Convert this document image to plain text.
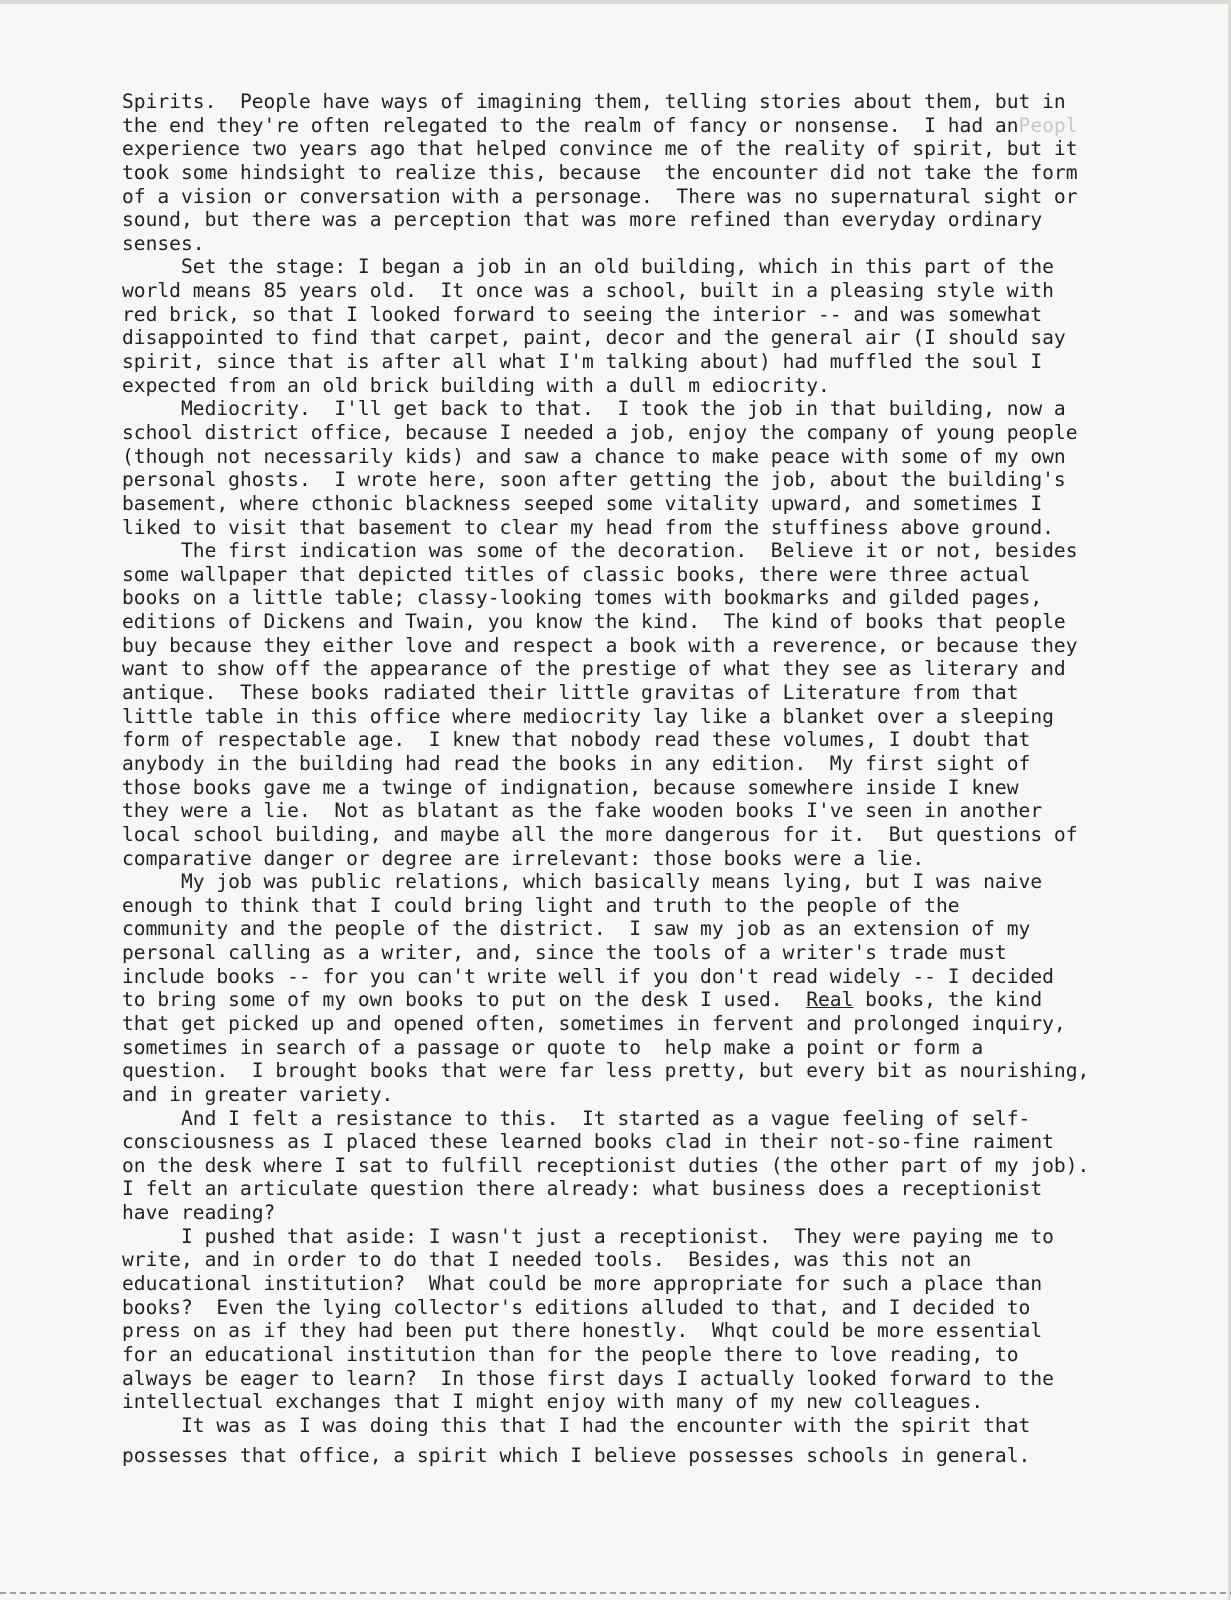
Spirits.  People have ways of imagining them, telling stories about them, but in
the end they're often relegated to the realm of fancy or nonsense.  I had anPeopl
experience two years ago that helped convince me of the reality of spirit, but it
took some hindsight to realize this, because  the encounter did not take the form
of a vision or conversation with a personage.  There was no supernatural sight or
sound, but there was a perception that was more refined than everyday ordinary
senses.
Set the stage: I began a job in an old building, which in this part of the
world means 85 years old.  It once was a school, built in a pleasing style with
red brick, so that I looked forward to seeing the interior -- and was somewhat
disappointed to find that carpet, paint, decor and the general air (I should say
spirit, since that is after all what I'm talking about) had muffled the soul I
expected from an old brick building with a dull m ediocrity.
Mediocrity.  I'll get back to that.  I took the job in that building, now a
school district office, because I needed a job, enjoy the company of young people
(though not necessarily kids) and saw a chance to make peace with some of my own
personal ghosts.  I wrote here, soon after getting the job, about the building's
basement, where cthonic blackness seeped some vitality upward, and sometimes I
liked to visit that basement to clear my head from the stuffiness above ground.
The first indication was some of the decoration.  Believe it or not, besides
some wallpaper that depicted titles of classic books, there were three actual
books on a little table; classy-looking tomes with bookmarks and gilded pages,
editions of Dickens and Twain, you know the kind.  The kind of books that people
buy because they either love and respect a book with a reverence, or because they
want to show off the appearance of the prestige of what they see as literary and
antique.  These books radiated their little gravitas of Literature from that
little table in this office where mediocrity lay like a blanket over a sleeping
form of respectable age.  I knew that nobody read these volumes, I doubt that
anybody in the building had read the books in any edition.  My first sight of
those books gave me a twinge of indignation, because somewhere inside I knew
they were a lie.  Not as blatant as the fake wooden books I've seen in another
local school building, and maybe all the more dangerous for it.  But questions of
comparative danger or degree are irrelevant: those books were a lie.
My job was public relations, which basically means lying, but I was naive
enough to think that I could bring light and truth to the people of the
community and the people of the district.  I saw my job as an extension of my
personal calling as a writer, and, since the tools of a writer's trade must
include books -- for you can't write well if you don't read widely -- I decided
to bring some of my own books to put on the desk I used.  Real books, the kind
that get picked up and opened often, sometimes in fervent and prolonged inquiry,
sometimes in search of a passage or quote to  help make a point or form a
question.  I brought books that were far less pretty, but every bit as nourishing,
and in greater variety.
And I felt a resistance to this.  It started as a vague feeling of self-
consciousness as I placed these learned books clad in their not-so-fine raiment
on the desk where I sat to fulfill receptionist duties (the other part of my job).
I felt an articulate question there already: what business does a receptionist
have reading?
I pushed that aside: I wasn't just a receptionist.  They were paying me to
write, and in order to do that I needed tools.  Besides, was this not an
educational institution?  What could be more appropriate for such a place than
books?  Even the lying collector's editions alluded to that, and I decided to
press on as if they had been put there honestly.  Whqt could be more essential
for an educational institution than for the people there to love reading, to
always be eager to learn?  In those first days I actually looked forward to the
intellectual exchanges that I might enjoy with many of my new colleagues.
It was as I was doing this that I had the encounter with the spirit that
possesses that office, a spirit which I believe possesses schools in general.
